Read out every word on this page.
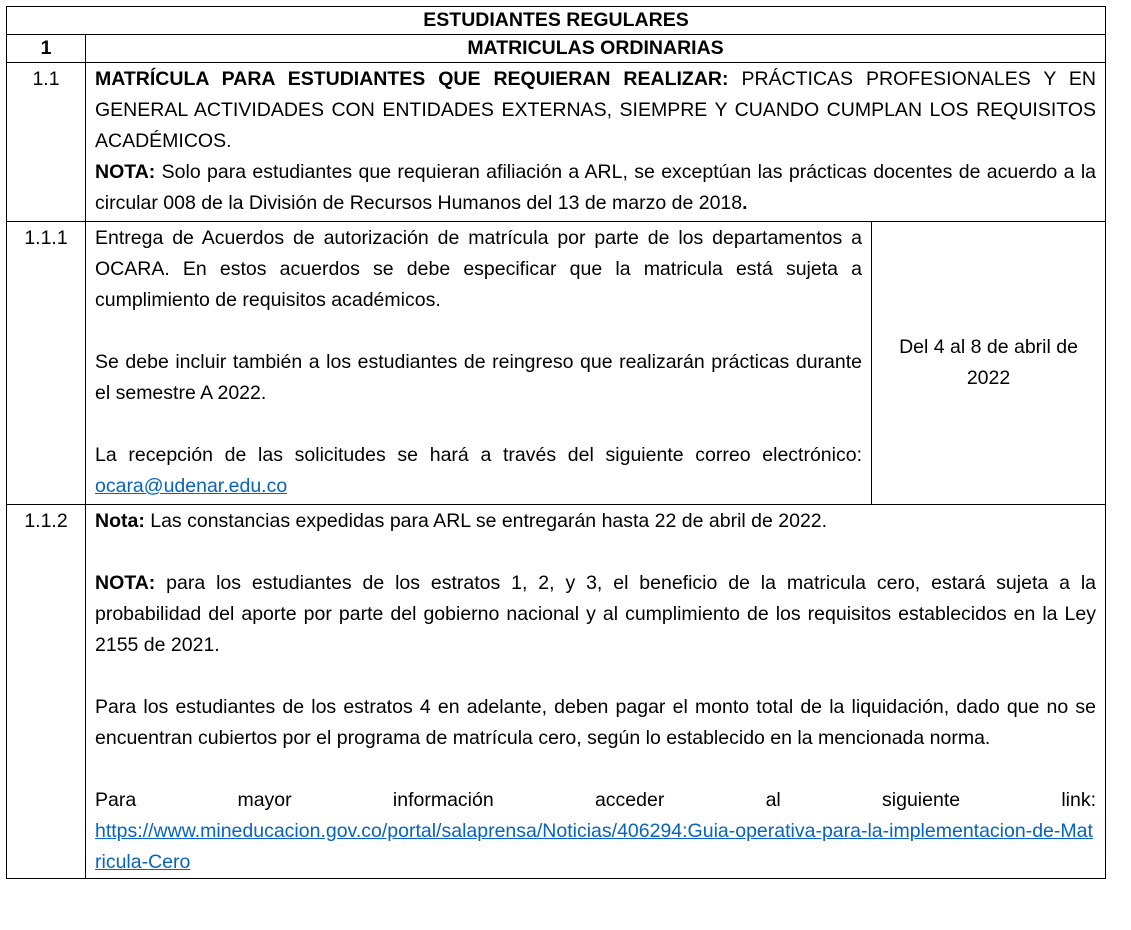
ESTUDIANTES REGULARES		
1	MATRICULAS ORDINARIAS	
1.1	MATRÍCULA PARA ESTUDIANTES QUE REQUIERAN REALIZAR: PRÁCTICAS PROFESIONALES Y EN GENERAL ACTIVIDADES CON ENTIDADES EXTERNAS, SIEMPRE Y CUANDO CUMPLAN LOS REQUISITOS ACADÉMICOS.

NOTA: Solo para estudiantes que requieran afiliación a ARL, se exceptúan las prácticas docentes de acuerdo a la circular 008 de la División de Recursos Humanos del 13 de marzo de 2018.	

1.1.1	Entrega de Acuerdos de autorización de matrícula por parte de los departamentos a OCARA. En estos acuerdos se debe especificar que la matricula está sujeta a cumplimiento de requisitos académicos.

Se debe incluir también a los estudiantes de reingreso que realizarán prácticas durante el semestre A 2022.

La recepción de las solicitudes se hará a través del siguiente correo electrónico: ocara@udenar.edu.co	Del 4 al 8 de abril de 2022
1.1.2	Nota: Las constancias expedidas para ARL se entregarán hasta 22 de abril de 2022.

NOTA: para los estudiantes de los estratos 1, 2, y 3, el beneficio de la matricula cero, estará sujeta a la probabilidad del aporte por parte del gobierno nacional y al cumplimiento de los requisitos establecidos en la Ley 2155 de 2021.

Para los estudiantes de los estratos 4 en adelante, deben pagar el monto total de la liquidación, dado que no se encuentran cubiertos por el programa de matrícula cero, según lo establecido en la mencionada norma.

Para mayor información acceder al siguiente link:

https://www.mineducacion.gov.co/portal/salaprensa/Noticias/406294:Guia-operativa-para-la-implementacion-de-Matricula-Cero	
